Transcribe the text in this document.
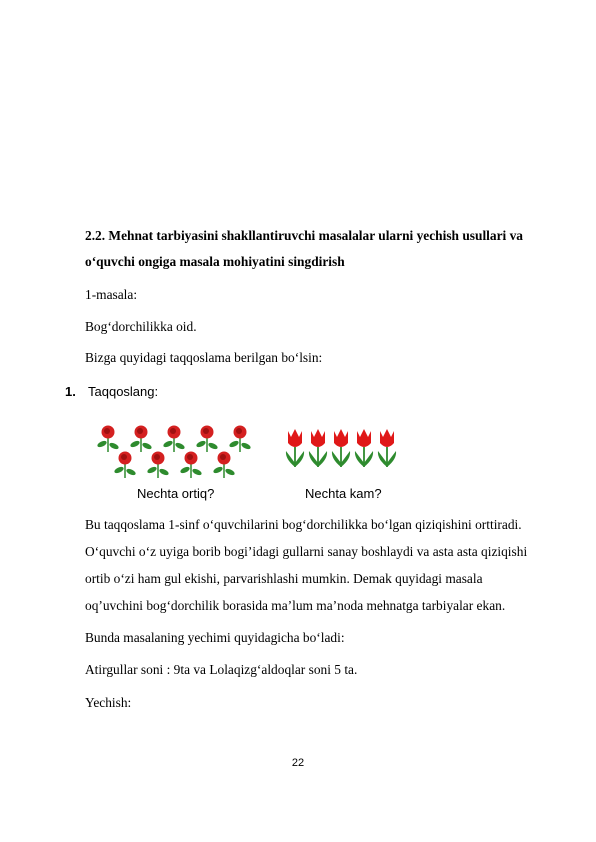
2.2. Mehnat tarbiyasini shakllantiruvchi masalalar ularni yechish usullari va
o‘quvchi ongiga masala mohiyatini singdirish
1-masala:
Bog‘dorchilikka oid.
Bizga quyidagi taqqoslama berilgan bo‘lsin:
1. Taqqoslang:
Nechta ortiq?	Nechta kam?
Bu taqqoslama 1-sinf o‘quvchilarini bog‘dorchilikka bo‘lgan qiziqishini orttiradi.
O‘quvchi o‘z uyiga borib bogi’idagi gullarni sanay boshlaydi va asta asta qiziqishi
ortib o‘zi ham gul ekishi, parvarishlashi mumkin. Demak quyidagi masala
oq’uvchini bog‘dorchilik borasida ma’lum ma’noda mehnatga tarbiyalar ekan.
Bunda masalaning yechimi quyidagicha bo‘ladi:
Atirgullar soni : 9ta va Lolaqizg‘aldoqlar soni 5 ta.
Yechish:
22
